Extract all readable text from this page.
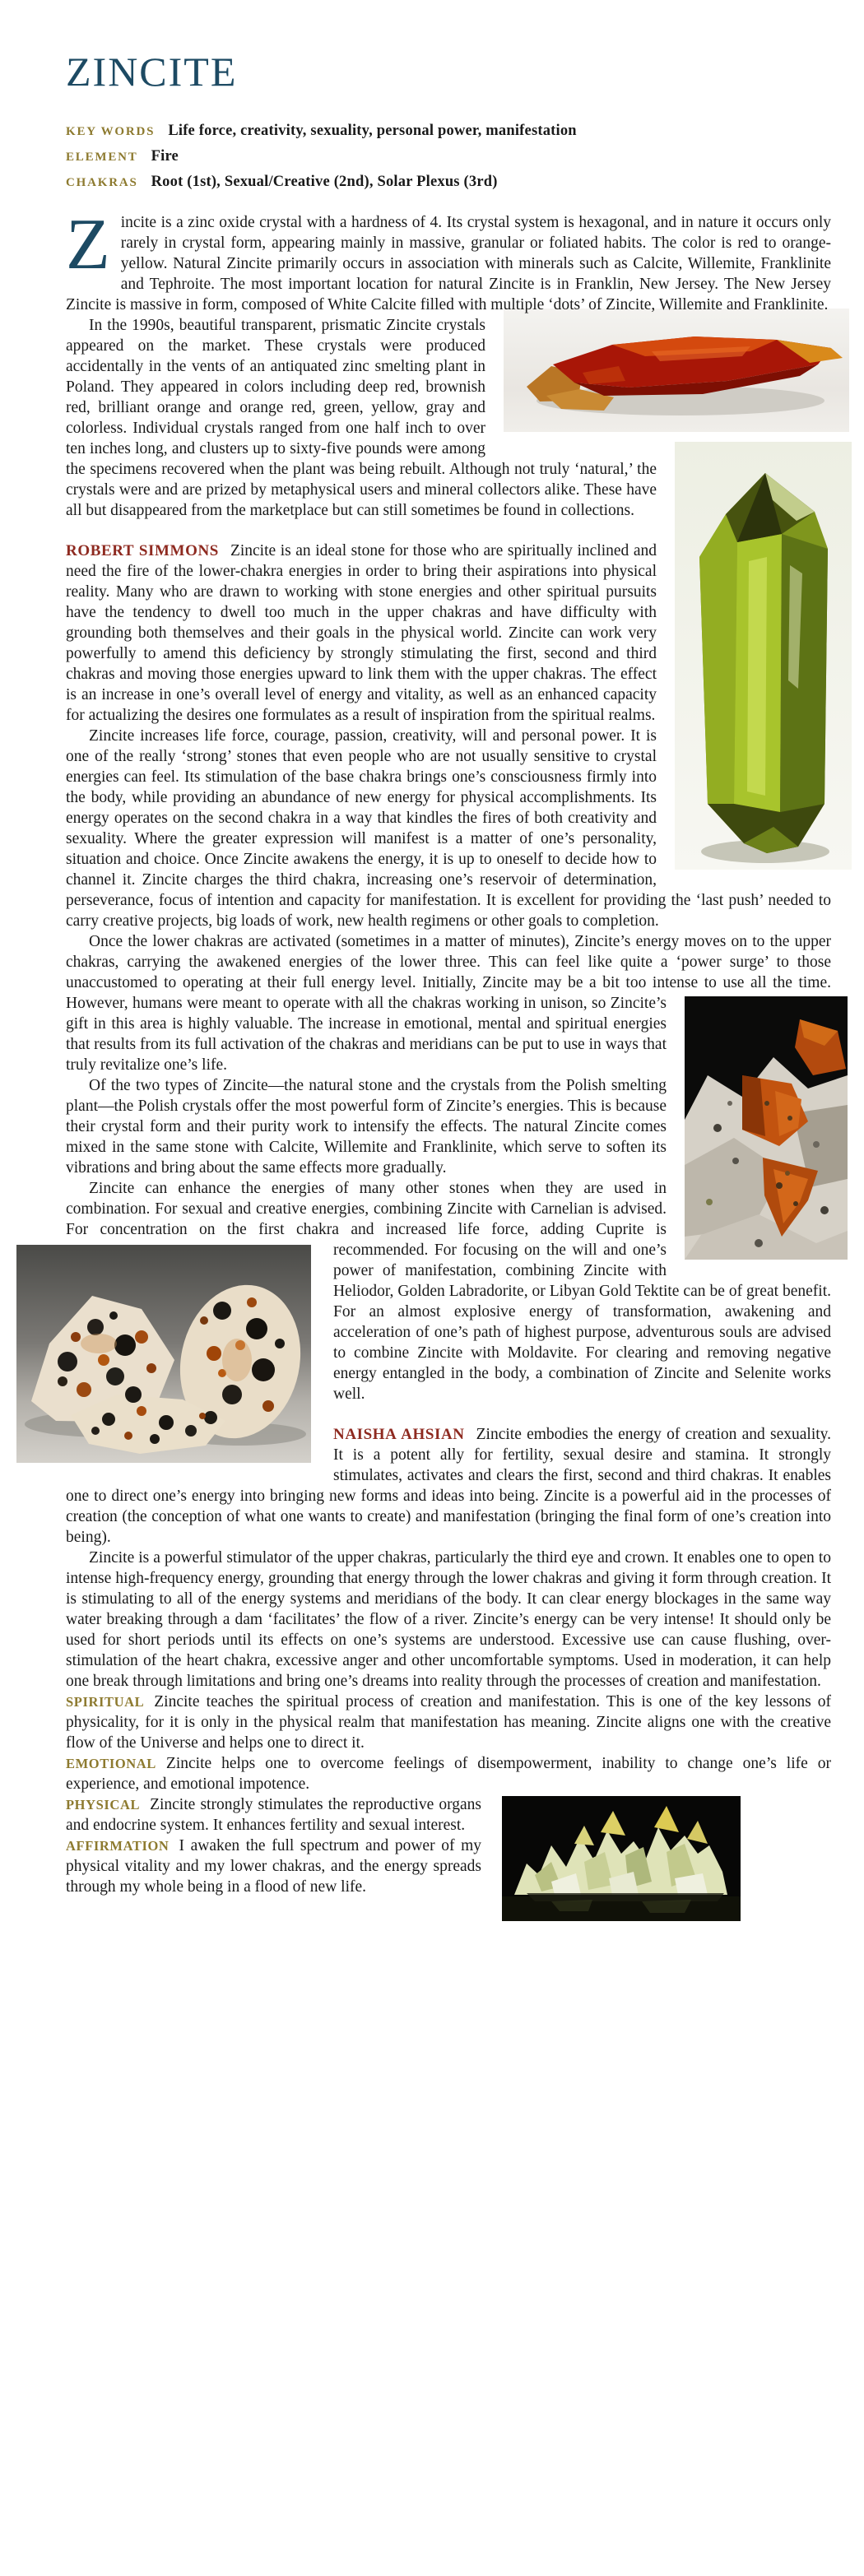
ZINCITE
KEY WORDS Life force, creativity, sexuality, personal power, manifestation
ELEMENT Fire
CHAKRAS Root (1st), Sexual/Creative (2nd), Solar Plexus (3rd)

Zincite is a zinc oxide crystal with a hardness of 4. Its crystal system is hexagonal, and in nature it occurs only rarely in crystal form, appearing mainly in massive, granular or foliated habits. The color is red to orange-yellow. Natural Zincite primarily occurs in association with minerals such as Calcite, Willemite, Franklinite and Tephroite. The most important location for natural Zincite is in Franklin, New Jersey. The New Jersey Zincite is massive in form, composed of White Calcite filled with multiple ‘dots’ of Zincite, Willemite and Franklinite.

In the 1990s, beautiful transparent, prismatic Zincite crystals appeared on the market. These crystals were produced accidentally in the vents of an antiquated zinc smelting plant in Poland. They appeared in colors including deep red, brownish red, brilliant orange and orange red, green, yellow, gray and colorless. Individual crystals ranged from one half inch to over ten inches long, and clusters up to sixty-five pounds were among the specimens recovered when the plant was being rebuilt. Although not truly ‘natural,’ the crystals were and are prized by metaphysical users and mineral collectors alike. These have all but disappeared from the marketplace but can still sometimes be found in collections.

ROBERT SIMMONS Zincite is an ideal stone for those who are spiritually inclined and need the fire of the lower-chakra energies in order to bring their aspirations into physical reality. Many who are drawn to working with stone energies and other spiritual pursuits have the tendency to dwell too much in the upper chakras and have difficulty with grounding both themselves and their goals in the physical world. Zincite can work very powerfully to amend this deficiency by strongly stimulating the first, second and third chakras and moving those energies upward to link them with the upper chakras. The effect is an increase in one’s overall level of energy and vitality, as well as an enhanced capacity for actualizing the desires one formulates as a result of inspiration from the spiritual realms.

Zincite increases life force, courage, passion, creativity, will and personal power. It is one of the really ‘strong’ stones that even people who are not usually sensitive to crystal energies can feel. Its stimulation of the base chakra brings one’s consciousness firmly into the body, while providing an abundance of new energy for physical accomplishments. Its energy operates on the second chakra in a way that kindles the fires of both creativity and sexuality. Where the greater expression will manifest is a matter of one’s personality, situation and choice. Once Zincite awakens the energy, it is up to oneself to decide how to channel it. Zincite charges the third chakra, increasing one’s reservoir of determination, perseverance, focus of intention and capacity for manifestation. It is excellent for providing the ‘last push’ needed to carry creative projects, big loads of work, new health regimens or other goals to completion.

Once the lower chakras are activated (sometimes in a matter of minutes), Zincite’s energy moves on to the upper chakras, carrying the awakened energies of the lower three. This can feel like quite a ‘power surge’ to those unaccustomed to operating at their full energy level. Initially, Zincite may be a bit too intense to use all the time. However, humans were meant to
operate with all the chakras working in unison, so Zincite’s gift in this area is highly valuable. The increase in emotional, mental and spiritual energies that results from its full activation of the chakras and meridians can be put to use in ways that truly revitalize one’s life.

Of the two types of Zincite—the natural stone and the crystals from the Polish smelting plant—the Polish crystals offer the most powerful form of Zincite’s energies. This is because their crystal form and their purity work to intensify the effects. The natural Zincite comes mixed in the same stone with Calcite, Willemite and Franklinite, which serve to soften its vibrations and bring about the same effects more gradually.

Zincite can enhance the energies of many other stones when they are used in combination. For sexual and creative energies, combining Zincite with Carnelian is advised. For concentration on the first chakra and increased life force, adding Cuprite is recommended. For focusing on the will and one’s
power of manifestation, combining Zincite with Heliodor, Golden Labradorite, or Libyan Gold Tektite can be of great benefit. For an almost explosive energy of transformation, awakening and acceleration of one’s path of highest purpose, adventurous souls are advised to combine Zincite with Moldavite. For clearing and removing negative energy entangled in the body, a combination of Zincite and Selenite works well.

NAISHA AHSIAN Zincite embodies the energy of creation and sexuality. It is a potent ally for fertility, sexual desire and stamina. It strongly stimulates, activates and clears the first, second and third chakras. It enables one to direct one’s energy into bringing new forms and ideas into being. Zincite is a powerful aid in the processes of creation (the conception of what one wants to create) and manifestation (bringing the final form of one’s creation into being).

Zincite is a powerful stimulator of the upper chakras, particularly the third eye and crown. It enables one to open to intense high-frequency energy, grounding that energy through the lower chakras and giving it form through creation. It is stimulating to all of the energy systems and meridians of the body. It can clear energy blockages in the same way water breaking through a dam ‘facilitates’ the flow of a river. Zincite’s energy can be very intense! It should only be used for short periods until its effects on one’s systems are understood. Excessive use can cause flushing, over-stimulation of the heart chakra, excessive anger and other uncomfortable symptoms. Used in moderation, it can help one break through limitations and bring one’s dreams into reality through the processes of creation and manifestation.

SPIRITUAL Zincite teaches the spiritual process of creation and manifestation. This is one of the key lessons of physicality, for it is only in the physical realm that manifestation has meaning. Zincite aligns one with the creative flow of the Universe and helps one to direct it.

EMOTIONAL Zincite helps one to overcome feelings of disempowerment, inability to change one’s life or experience, and emotional impotence.

PHYSICAL Zincite strongly stimulates the reproductive organs and endocrine system. It enhances fertility and sexual interest.

AFFIRMATION I awaken the full spectrum and power of my physical vitality and my lower chakras, and the energy spreads through my whole being in a flood of new life.
